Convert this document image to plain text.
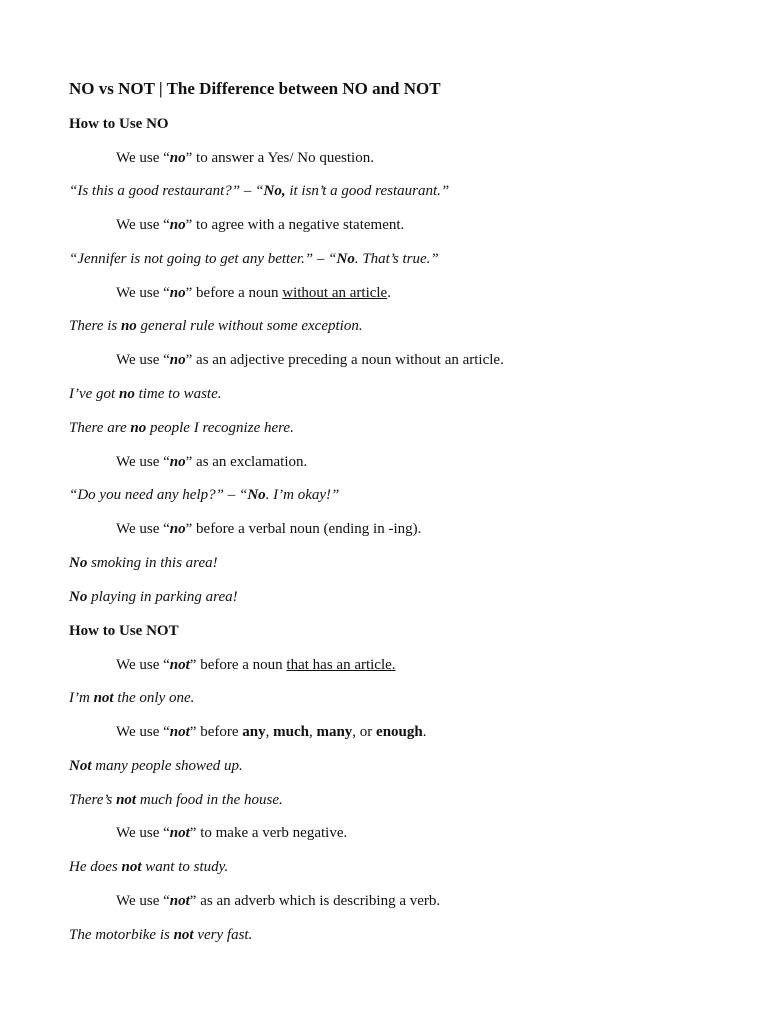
NO vs NOT | The Difference between NO and NOT
How to Use NO
We use “no” to answer a Yes/ No question.
“Is this a good restaurant?” – “No, it isn’t a good restaurant.”
We use “no” to agree with a negative statement.
“Jennifer is not going to get any better.” – “No. That’s true.”
We use “no” before a noun without an article.
There is no general rule without some exception.
We use “no” as an adjective preceding a noun without an article.
I’ve got no time to waste.
There are no people I recognize here.
We use “no” as an exclamation.
“Do you need any help?” – “No. I’m okay!”
We use “no” before a verbal noun (ending in -ing).
No smoking in this area!
No playing in parking area!
How to Use NOT
We use “not” before a noun that has an article.
I’m not the only one.
We use “not” before any, much, many, or enough.
Not many people showed up.
There’s not much food in the house.
We use “not” to make a verb negative.
He does not want to study.
We use “not” as an adverb which is describing a verb.
The motorbike is not very fast.
